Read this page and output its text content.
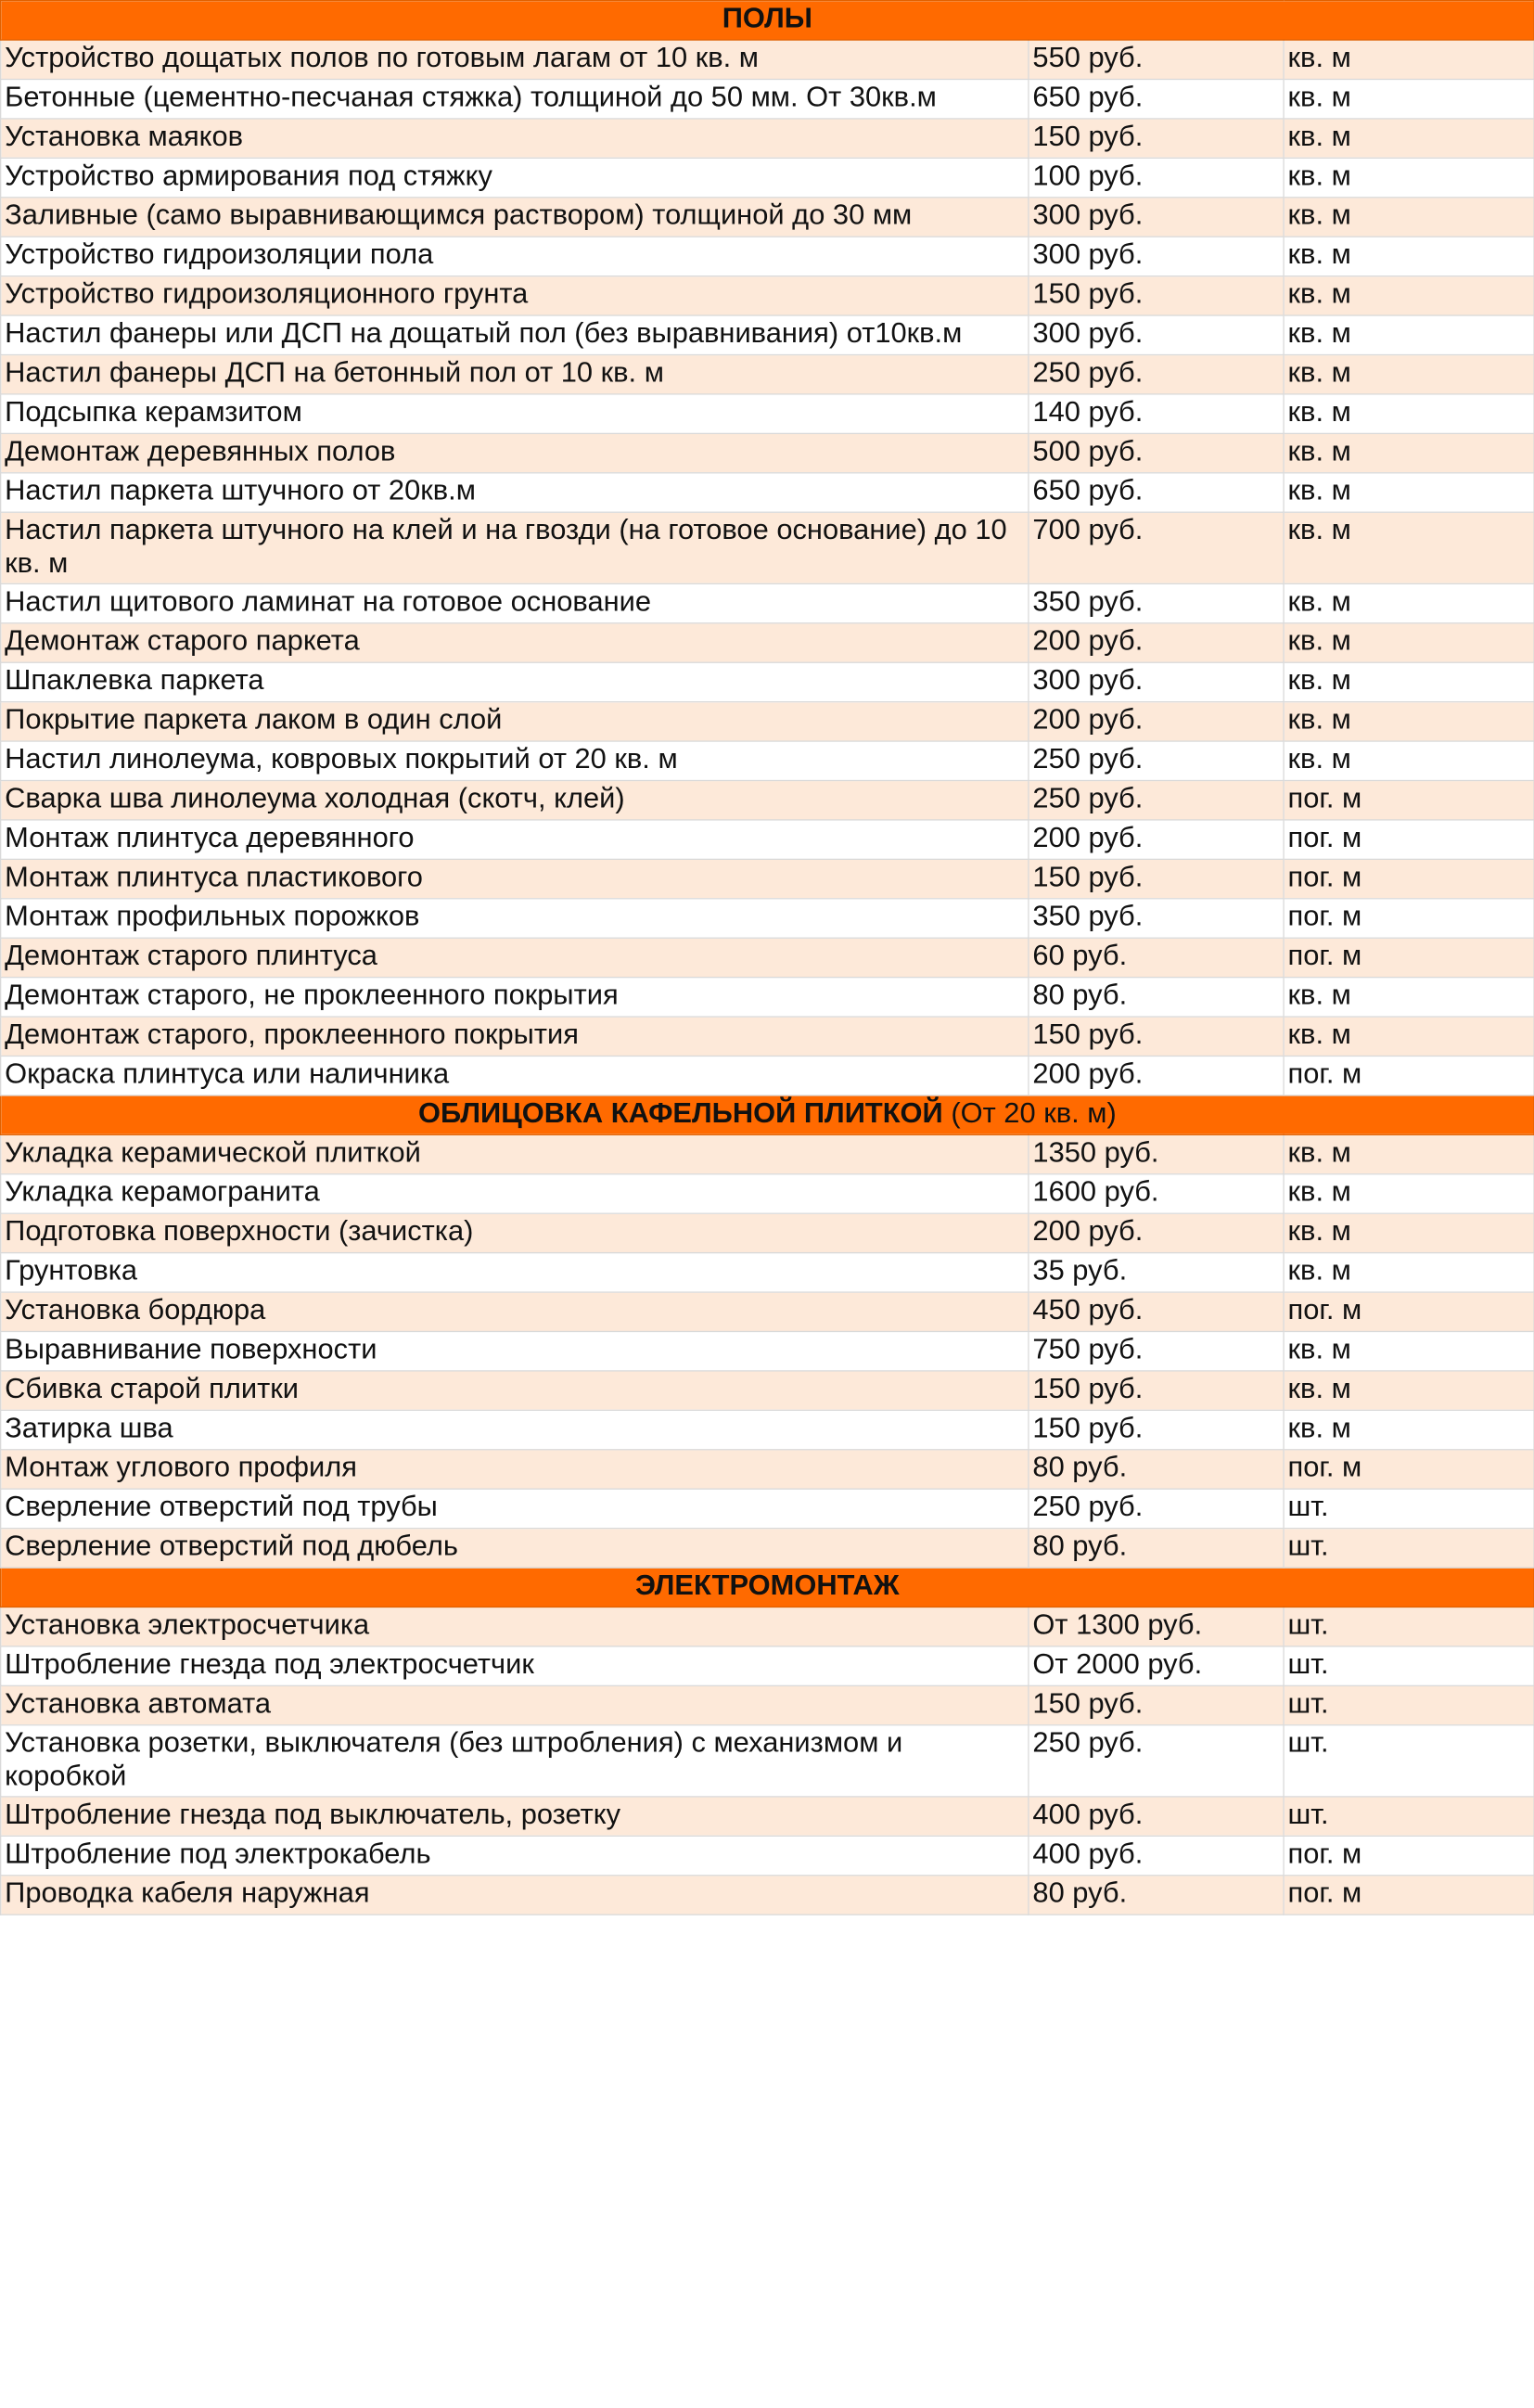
ПОЛЫ		
Устройство дощатых полов по готовым лагам от 10 кв. м	550 руб.	кв. м
Бетонные (цементно-песчаная стяжка) толщиной до 50 мм. От 30кв.м	650 руб.	кв. м
Установка маяков	150 руб.	кв. м
Устройство армирования под стяжку	100 руб.	кв. м
Заливные (само выравнивающимся раствором) толщиной до 30 мм	300 руб.	кв. м
Устройство гидроизоляции пола	300 руб.	кв. м
Устройство гидроизоляционного грунта	150 руб.	кв. м
Настил фанеры или ДСП на дощатый пол (без выравнивания) от10кв.м	300 руб.	кв. м
Настил фанеры ДСП на бетонный пол от 10 кв. м	250 руб.	кв. м
Подсыпка керамзитом	140 руб.	кв. м
Демонтаж деревянных полов	500 руб.	кв. м
Настил паркета штучного от 20кв.м	650 руб.	кв. м
Настил паркета штучного на клей и на гвозди (на готовое основание) до 10 кв. м	700 руб.	кв. м
Настил щитового ламинат на готовое основание	350 руб.	кв. м
Демонтаж старого паркета	200 руб.	кв. м
Шпаклевка паркета	300 руб.	кв. м
Покрытие паркета лаком в один слой	200 руб.	кв. м
Настил линолеума, ковровых покрытий от 20 кв. м	250 руб.	кв. м
Сварка шва линолеума холодная (скотч, клей)	250 руб.	пог. м
Монтаж плинтуса деревянного	200 руб.	пог. м
Монтаж плинтуса пластикового	150 руб.	пог. м
Монтаж профильных порожков	350 руб.	пог. м
Демонтаж старого плинтуса	60 руб.	пог. м
Демонтаж старого, не проклеенного покрытия	80 руб.	кв. м
Демонтаж старого, проклеенного покрытия	150 руб.	кв. м
Окраска плинтуса или наличника	200 руб.	пог. м
ОБЛИЦОВКА КАФЕЛЬНОЙ ПЛИТКОЙ (От 20 кв. м)		
Укладка керамической плиткой	1350 руб.	кв. м
Укладка керамогранита	1600 руб.	кв. м
Подготовка поверхности (зачистка)	200 руб.	кв. м
Грунтовка	35 руб.	кв. м
Установка бордюра	450 руб.	пог. м
Выравнивание поверхности	750 руб.	кв. м
Сбивка старой плитки	150 руб.	кв. м
Затирка шва	150 руб.	кв. м
Монтаж углового профиля	80 руб.	пог. м
Сверление отверстий под трубы	250 руб.	шт.
Сверление отверстий под дюбель	80 руб.	шт.
ЭЛЕКТРОМОНТАЖ		
Установка электросчетчика	От 1300 руб.	шт.
Штробление гнезда под электросчетчик	От 2000 руб.	шт.
Установка автомата	150 руб.	шт.
Установка розетки, выключателя (без штробления) с механизмом и коробкой	250 руб.	шт.
Штробление гнезда под выключатель, розетку	400 руб.	шт.
Штробление под электрокабель	400 руб.	пог. м
Проводка кабеля наружная	80 руб.	пог. м
